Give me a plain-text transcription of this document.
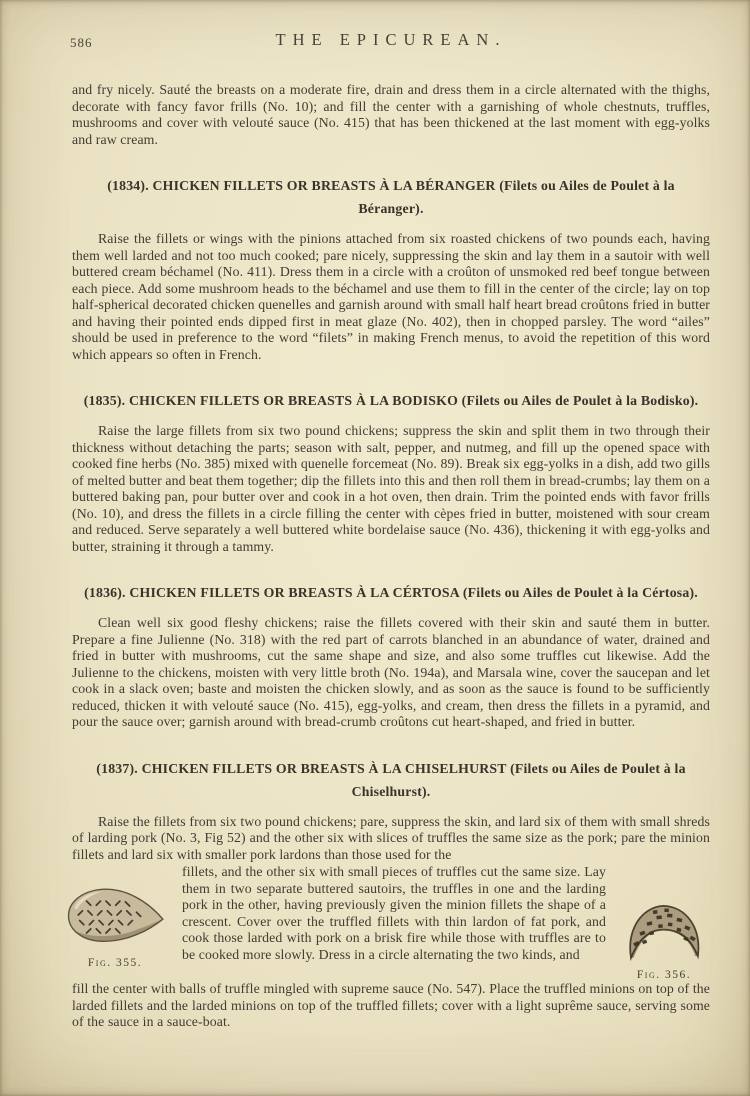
586	THE EPICUREAN.

and fry nicely. Sauté the breasts on a moderate fire, drain and dress them in a circle alternated with the thighs, decorate with fancy favor frills (No. 10); and fill the center with a garnishing of whole chestnuts, truffles, mushrooms and cover with velouté sauce (No. 415) that has been thickened at the last moment with egg-yolks and raw cream.

(1834). CHICKEN FILLETS OR BREASTS À LA BÉRANGER (Filets ou Ailes de Poulet à la Béranger).

Raise the fillets or wings with the pinions attached from six roasted chickens of two pounds each, having them well larded and not too much cooked; pare nicely, suppressing the skin and lay them in a sautoir with well buttered cream béchamel (No. 411). Dress them in a circle with a croûton of unsmoked red beef tongue between each piece. Add some mushroom heads to the béchamel and use them to fill in the center of the circle; lay on top half-spherical decorated chicken quenelles and garnish around with small half heart bread croûtons fried in butter and having their pointed ends dipped first in meat glaze (No. 402), then in chopped parsley. The word “ailes” should be used in preference to the word “filets” in making French menus, to avoid the repetition of this word which appears so often in French.

(1835). CHICKEN FILLETS OR BREASTS À LA BODISKO (Filets ou Ailes de Poulet à la Bodisko).

Raise the large fillets from six two pound chickens; suppress the skin and split them in two through their thickness without detaching the parts; season with salt, pepper, and nutmeg, and fill up the opened space with cooked fine herbs (No. 385) mixed with quenelle forcemeat (No. 89). Break six egg-yolks in a dish, add two gills of melted butter and beat them together; dip the fillets into this and then roll them in bread-crumbs; lay them on a buttered baking pan, pour butter over and cook in a hot oven, then drain. Trim the pointed ends with favor frills (No. 10), and dress the fillets in a circle filling the center with cèpes fried in butter, moistened with sour cream and reduced. Serve separately a well buttered white bordelaise sauce (No. 436), thickening it with egg-yolks and butter, straining it through a tammy.

(1836). CHICKEN FILLETS OR BREASTS À LA CÉRTOSA (Filets ou Ailes de Poulet à la Cértosa).

Clean well six good fleshy chickens; raise the fillets covered with their skin and sauté them in butter. Prepare a fine Julienne (No. 318) with the red part of carrots blanched in an abundance of water, drained and fried in butter with mushrooms, cut the same shape and size, and also some truffles cut likewise. Add the Julienne to the chickens, moisten with very little broth (No. 194a), and Marsala wine, cover the saucepan and let cook in a slack oven; baste and moisten the chicken slowly, and as soon as the sauce is found to be sufficiently reduced, thicken it with velouté sauce (No. 415), egg-yolks, and cream, then dress the fillets in a pyramid, and pour the sauce over; garnish around with bread-crumb croûtons cut heart-shaped, and fried in butter.

(1837). CHICKEN FILLETS OR BREASTS À LA CHISELHURST (Filets ou Ailes de Poulet à la Chiselhurst).

Raise the fillets from six two pound chickens; pare, suppress the skin, and lard six of them with small shreds of larding pork (No. 3, Fig 52) and the other six with slices of truffles the same size as the pork; pare the minion fillets and lard six with smaller pork lardons than those used for the

Fig. 355.

fillets, and the other six with small pieces of truffles cut the same size. Lay them in two separate buttered sautoirs, the truffles in one and the larding pork in the other, having previously given the minion fillets the shape of a crescent. Cover over the truffled fillets with thin lardon of fat pork, and cook those larded with pork on a brisk fire while those with truffles are to be cooked more slowly. Dress in a circle alternating the two kinds, and

Fig. 356.

fill the center with balls of truffle mingled with supreme sauce (No. 547). Place the truffled minions on top of the larded fillets and the larded minions on top of the truffled fillets; cover with a light suprême sauce, serving some of the sauce in a sauce-boat.
